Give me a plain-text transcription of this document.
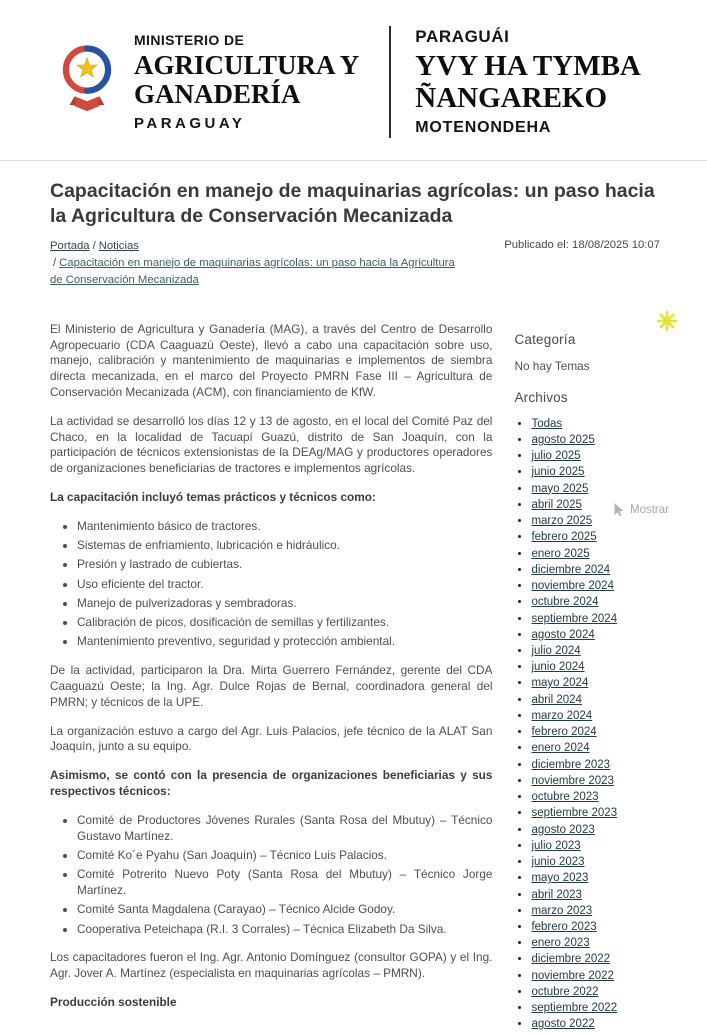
MINISTERIO DE
AGRICULTURA Y
GANADERÍA
PARAGUAY
PARAGUÁI
YVY HA TYMBA
ÑANGAREKO
MOTENONDEHA
Capacitación en manejo de maquinarias agrícolas: un paso hacia la Agricultura de Conservación Mecanizada
Portada / Noticias
/ Capacitación en manejo de maquinarias agrícolas: un paso hacia la Agricultura de Conservación Mecanizada
Publicado el: 18/08/2025 10:07

El Ministerio de Agricultura y Ganadería (MAG), a través del Centro de Desarrollo Agropecuario (CDA Caaguazú Oeste), llevó a cabo una capacitación sobre uso, manejo, calibración y mantenimiento de maquinarias e implementos de siembra directa mecanizada, en el marco del Proyecto PMRN Fase III – Agricultura de Conservación Mecanizada (ACM), con financiamiento de KfW.

La actividad se desarrolló los días 12 y 13 de agosto, en el local del Comité Paz del Chaco, en la localidad de Tacuapí Guazú, distrito de San Joaquín, con la participación de técnicos extensionistas de la DEAg/MAG y productores operadores de organizaciones beneficiarias de tractores e implementos agrícolas.

La capacitación incluyó temas prácticos y técnicos como:
• Mantenimiento básico de tractores.
• Sistemas de enfriamiento, lubricación e hidráulico.
• Presión y lastrado de cubiertas.
• Uso eficiente del tractor.
• Manejo de pulverizadoras y sembradoras.
• Calibración de picos, dosificación de semillas y fertilizantes.
• Mantenimiento preventivo, seguridad y protección ambiental.

De la actividad, participaron la Dra. Mirta Guerrero Fernández, gerente del CDA Caaguazú Oeste; la Ing. Agr. Dulce Rojas de Bernal, coordinadora general del PMRN; y técnicos de la UPE.

La organización estuvo a cargo del Agr. Luis Palacios, jefe técnico de la ALAT San Joaquín, junto a su equipo.

Asimismo, se contó con la presencia de organizaciones beneficiarias y sus respectivos técnicos:
• Comité de Productores Jóvenes Rurales (Santa Rosa del Mbutuy) – Técnico Gustavo Martínez.
• Comité Ko´e Pyahu (San Joaquín) – Técnico Luis Palacios.
• Comité Potrerito Nuevo Poty (Santa Rosa del Mbutuy) – Técnico Jorge Martínez.
• Comité Santa Magdalena (Carayao) – Técnico Alcide Godoy.
• Cooperativa Peteichapa (R.I. 3 Corrales) – Técnica Elizabeth Da Silva.

Los capacitadores fueron el Ing. Agr. Antonio Domínguez (consultor GOPA) y el Ing. Agr. Jover A. Martínez (especialista en maquinarias agrícolas – PMRN).

Producción sostenible
Categoría
No hay Temas
Archivos
• Todas
• agosto 2025
• julio 2025
• junio 2025
• mayo 2025
• abril 2025
• marzo 2025
• febrero 2025
• enero 2025
• diciembre 2024
• noviembre 2024
• octubre 2024
• septiembre 2024
• agosto 2024
• julio 2024
• junio 2024
• mayo 2024
• abril 2024
• marzo 2024
• febrero 2024
• enero 2024
• diciembre 2023
• noviembre 2023
• octubre 2023
• septiembre 2023
• agosto 2023
• julio 2023
• junio 2023
• mayo 2023
• abril 2023
• marzo 2023
• febrero 2023
• enero 2023
• diciembre 2022
• noviembre 2022
• octubre 2022
• septiembre 2022
• agosto 2022
Mostrar
